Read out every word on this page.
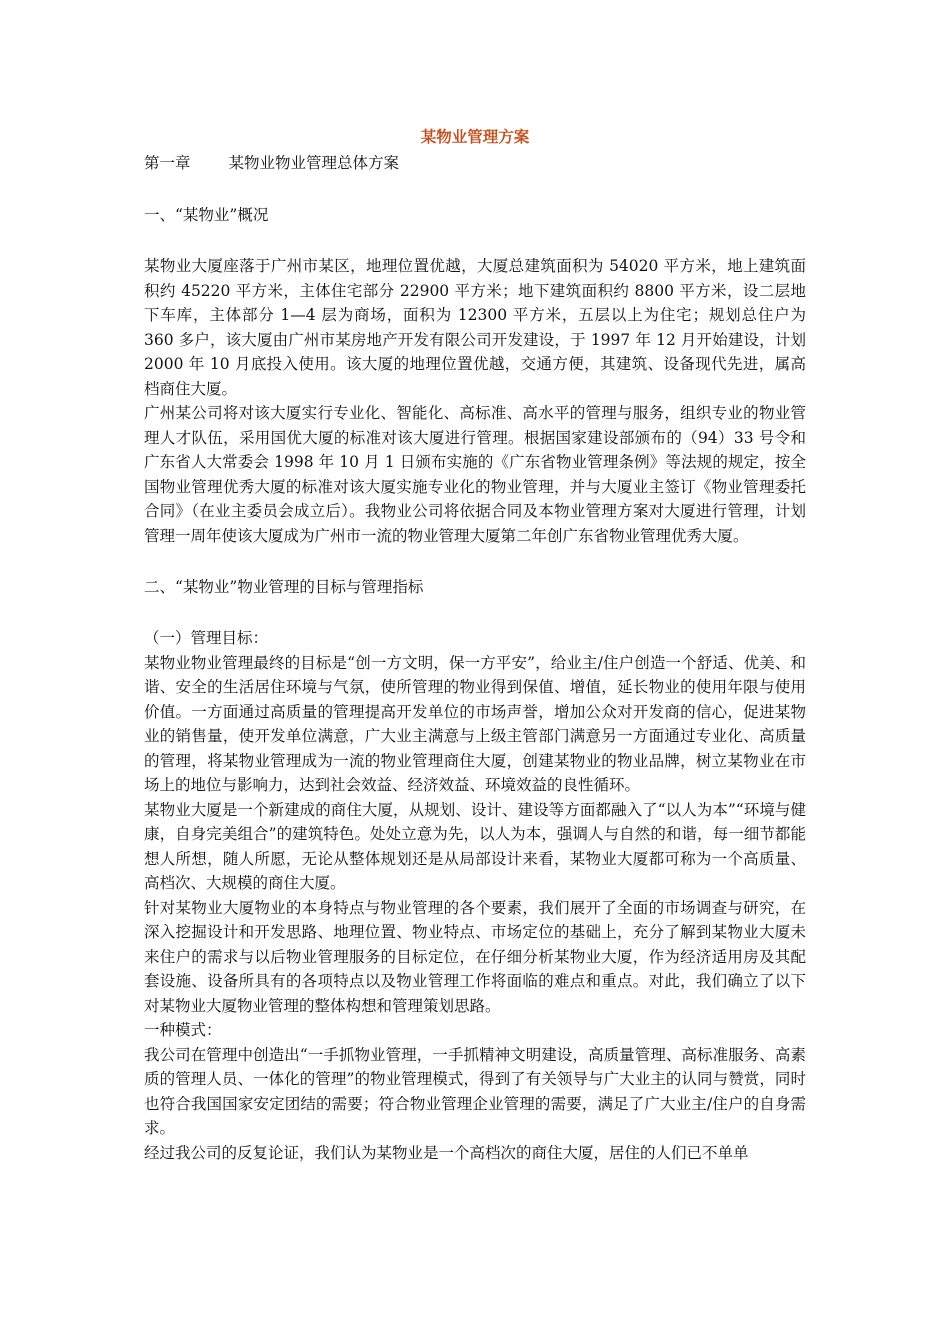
某物业管理方案

第一章 某物业物业管理总体方案

一、“某物业”概况

某物业大厦座落于广州市某区，地理位置优越，大厦总建筑面积为 54020 平方米，地上建筑面积约 45220 平方米，主体住宅部分 22900 平方米；地下建筑面积约 8800 平方米，设二层地下车库，主体部分 1—4 层为商场，面积为 12300 平方米，五层以上为住宅；规划总住户为 360 多户，该大厦由广州市某房地产开发有限公司开发建设，于 1997 年 12 月开始建设，计划 2000 年 10 月底投入使用。该大厦的地理位置优越，交通方便，其建筑、设备现代先进，属高档商住大厦。

广州某公司将对该大厦实行专业化、智能化、高标准、高水平的管理与服务，组织专业的物业管理人才队伍，采用国优大厦的标准对该大厦进行管理。根据国家建设部颁布的（94）33 号令和广东省人大常委会 1998 年 10 月 1 日颁布实施的《广东省物业管理条例》等法规的规定，按全国物业管理优秀大厦的标准对该大厦实施专业化的物业管理，并与大厦业主签订《物业管理委托合同》（在业主委员会成立后）。我物业公司将依据合同及本物业管理方案对大厦进行管理，计划管理一周年使该大厦成为广州市一流的物业管理大厦第二年创广东省物业管理优秀大厦。

二、“某物业”物业管理的目标与管理指标

（一）管理目标：

某物业物业管理最终的目标是“创一方文明，保一方平安”，给业主/住户创造一个舒适、优美、和谐、安全的生活居住环境与气氛，使所管理的物业得到保值、增值，延长物业的使用年限与使用价值。一方面通过高质量的管理提高开发单位的市场声誉，增加公众对开发商的信心，促进某物业的销售量，使开发单位满意，广大业主满意与上级主管部门满意另一方面通过专业化、高质量的管理，将某物业管理成为一流的物业管理商住大厦，创建某物业的物业品牌，树立某物业在市场上的地位与影响力，达到社会效益、经济效益、环境效益的良性循环。

某物业大厦是一个新建成的商住大厦，从规划、设计、建设等方面都融入了“以人为本”“环境与健康，自身完美组合”的建筑特色。处处立意为先，以人为本，强调人与自然的和谐，每一细节都能想人所想，随人所愿，无论从整体规划还是从局部设计来看，某物业大厦都可称为一个高质量、高档次、大规模的商住大厦。

针对某物业大厦物业的本身特点与物业管理的各个要素，我们展开了全面的市场调查与研究，在深入挖掘设计和开发思路、地理位置、物业特点、市场定位的基础上，充分了解到某物业大厦未来住户的需求与以后物业管理服务的目标定位，在仔细分析某物业大厦，作为经济适用房及其配套设施、设备所具有的各项特点以及物业管理工作将面临的难点和重点。对此，我们确立了以下对某物业大厦物业管理的整体构想和管理策划思路。

一种模式：

我公司在管理中创造出“一手抓物业管理，一手抓精神文明建设，高质量管理、高标准服务、高素质的管理人员、一体化的管理”的物业管理模式，得到了有关领导与广大业主的认同与赞赏，同时也符合我国国家安定团结的需要；符合物业管理企业管理的需要，满足了广大业主/住户的自身需求。

经过我公司的反复论证，我们认为某物业是一个高档次的商住大厦，居住的人们已不单单
